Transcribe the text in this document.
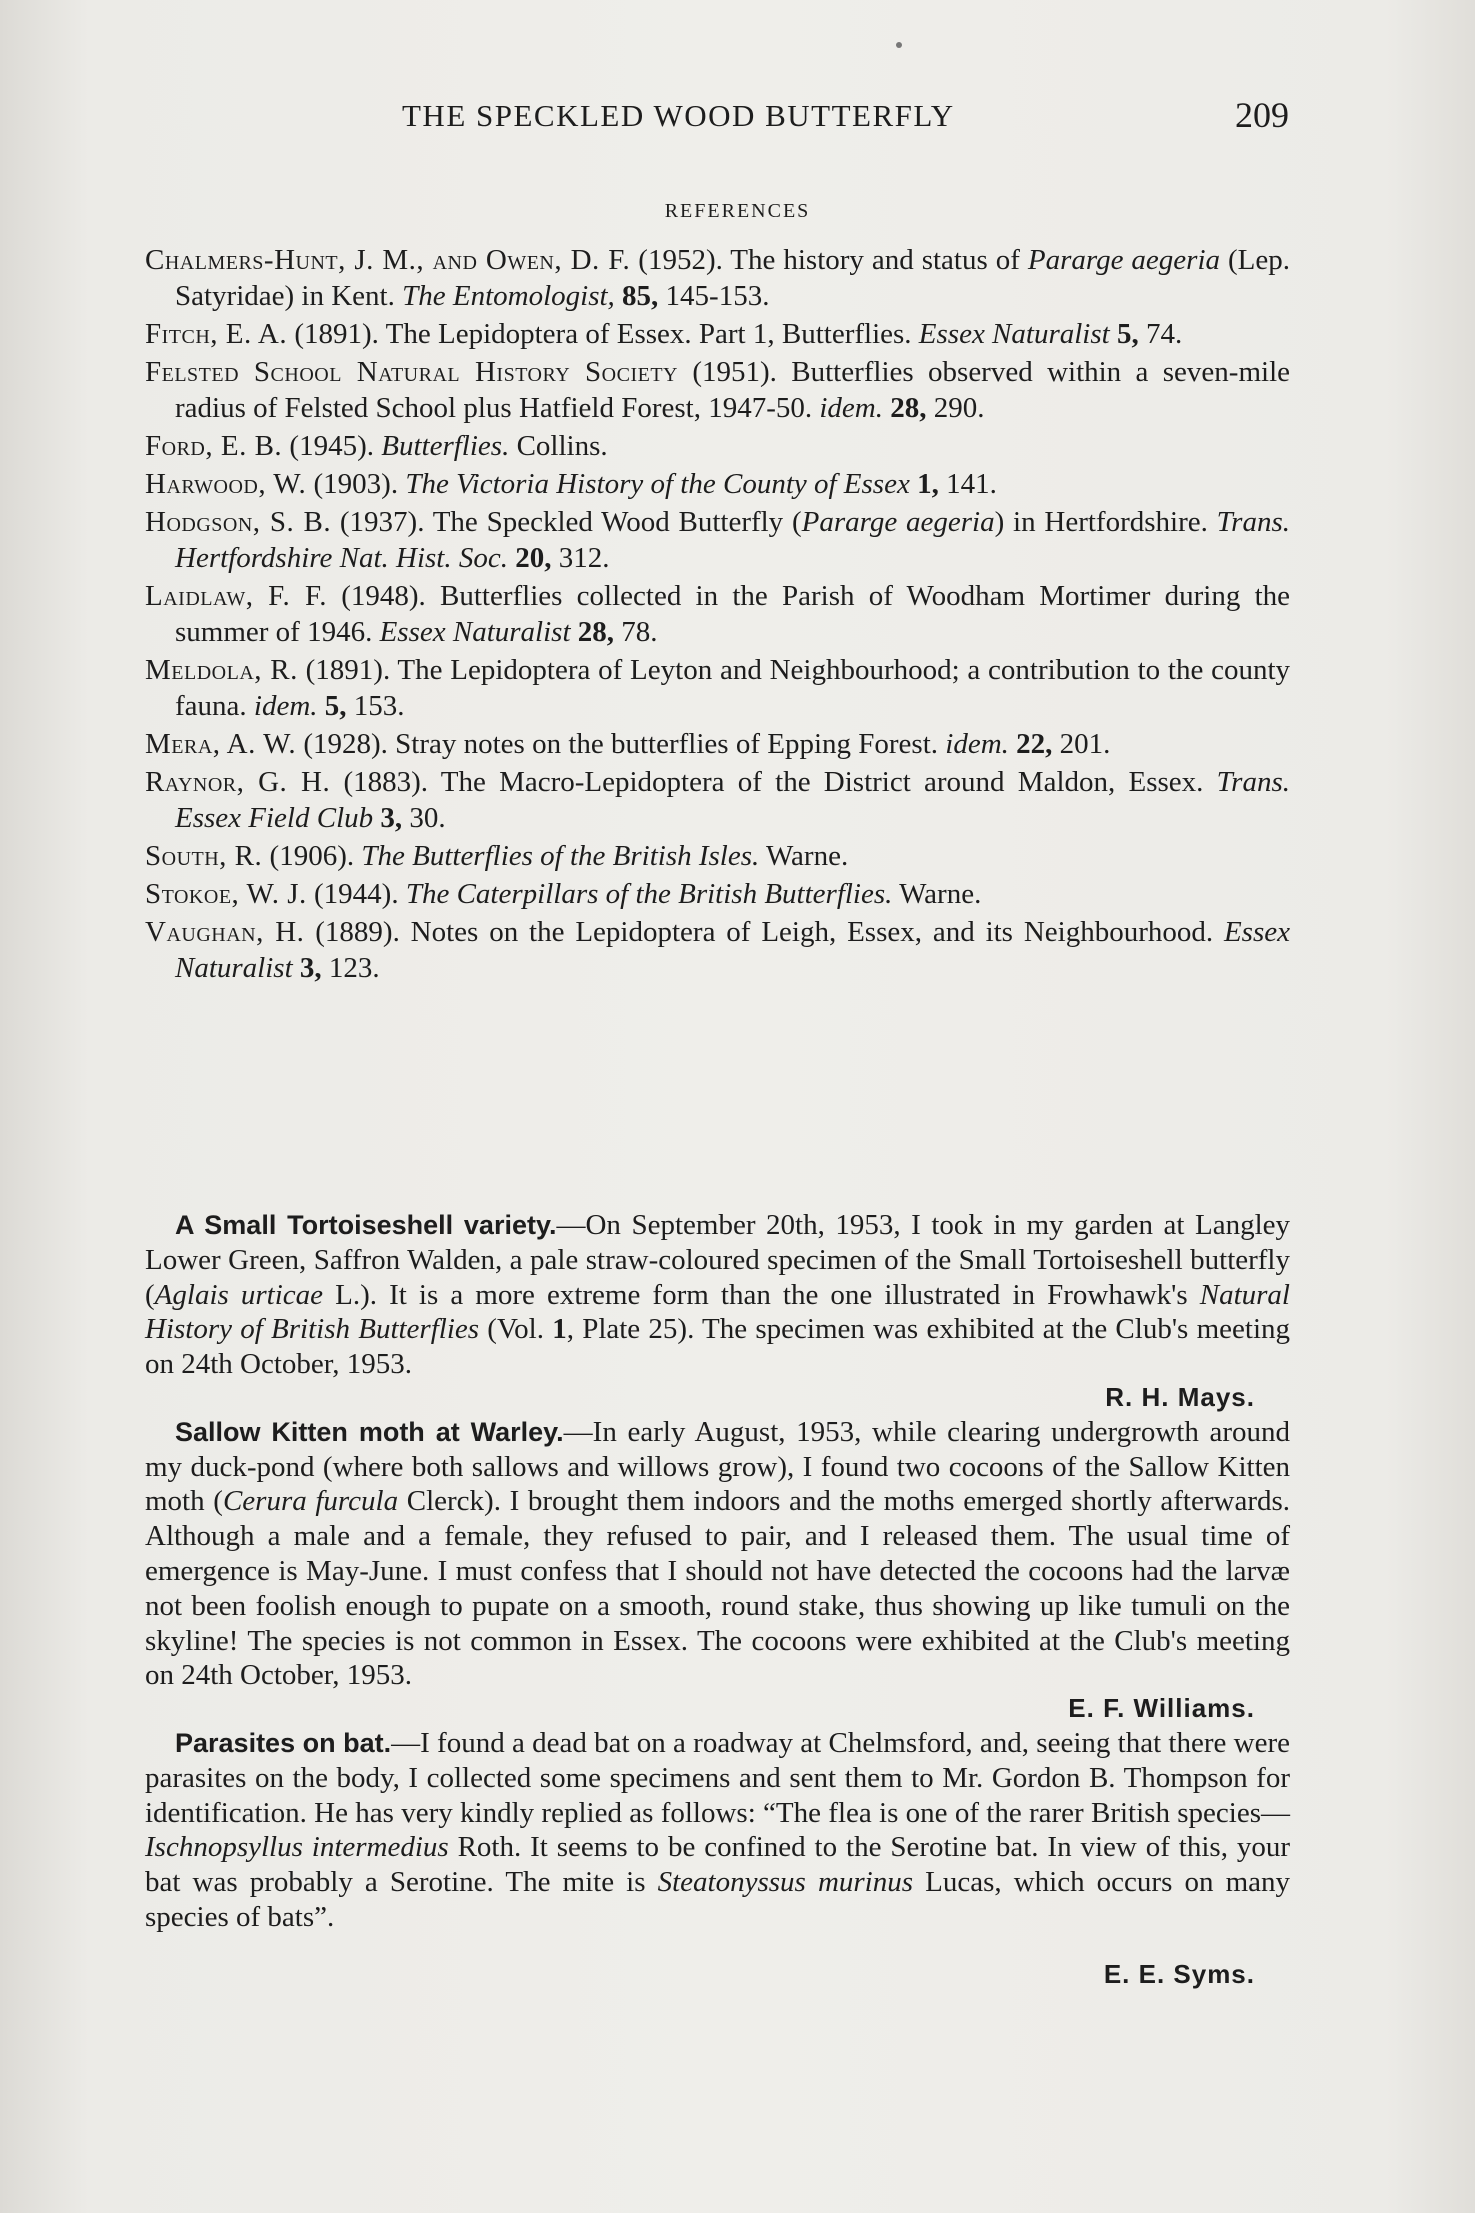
THE SPECKLED WOOD BUTTERFLY	209
REFERENCES

Chalmers-Hunt, J. M., and Owen, D. F. (1952). The history and status of Pararge aegeria (Lep. Satyridae) in Kent. The Entomologist, 85, 145-153.

Fitch, E. A. (1891). The Lepidoptera of Essex. Part 1, Butterflies. Essex Naturalist 5, 74.

Felsted School Natural History Society (1951). Butterflies observed within a seven-mile radius of Felsted School plus Hatfield Forest, 1947-50. idem. 28, 290.

Ford, E. B. (1945). Butterflies. Collins.

Harwood, W. (1903). The Victoria History of the County of Essex 1, 141.

Hodgson, S. B. (1937). The Speckled Wood Butterfly (Pararge aegeria) in Hertfordshire. Trans. Hertfordshire Nat. Hist. Soc. 20, 312.

Laidlaw, F. F. (1948). Butterflies collected in the Parish of Woodham Mortimer during the summer of 1946. Essex Naturalist 28, 78.

Meldola, R. (1891). The Lepidoptera of Leyton and Neighbourhood; a contribution to the county fauna. idem. 5, 153.

Mera, A. W. (1928). Stray notes on the butterflies of Epping Forest. idem. 22, 201.

Raynor, G. H. (1883). The Macro-Lepidoptera of the District around Maldon, Essex. Trans. Essex Field Club 3, 30.

South, R. (1906). The Butterflies of the British Isles. Warne.

Stokoe, W. J. (1944). The Caterpillars of the British Butterflies. Warne.

Vaughan, H. (1889). Notes on the Lepidoptera of Leigh, Essex, and its Neighbourhood. Essex Naturalist 3, 123.

A Small Tortoiseshell variety.—On September 20th, 1953, I took in my garden at Langley Lower Green, Saffron Walden, a pale straw-coloured specimen of the Small Tortoiseshell butterfly (Aglais urticae L.). It is a more extreme form than the one illustrated in Frowhawk's Natural History of British Butterflies (Vol. 1, Plate 25). The specimen was exhibited at the Club's meeting on 24th October, 1953.

R. H. Mays.

Sallow Kitten moth at Warley.—In early August, 1953, while clearing undergrowth around my duck-pond (where both sallows and willows grow), I found two cocoons of the Sallow Kitten moth (Cerura furcula Clerck). I brought them indoors and the moths emerged shortly afterwards. Although a male and a female, they refused to pair, and I released them. The usual time of emergence is May-June. I must confess that I should not have detected the cocoons had the larvæ not been foolish enough to pupate on a smooth, round stake, thus showing up like tumuli on the skyline! The species is not common in Essex. The cocoons were exhibited at the Club's meeting on 24th October, 1953.

E. F. Williams.

Parasites on bat.—I found a dead bat on a roadway at Chelmsford, and, seeing that there were parasites on the body, I collected some specimens and sent them to Mr. Gordon B. Thompson for identification. He has very kindly replied as follows: “The flea is one of the rarer British species—Ischnopsyllus intermedius Roth. It seems to be confined to the Serotine bat. In view of this, your bat was probably a Serotine. The mite is Steatonyssus murinus Lucas, which occurs on many species of bats”.

E. E. Syms.
